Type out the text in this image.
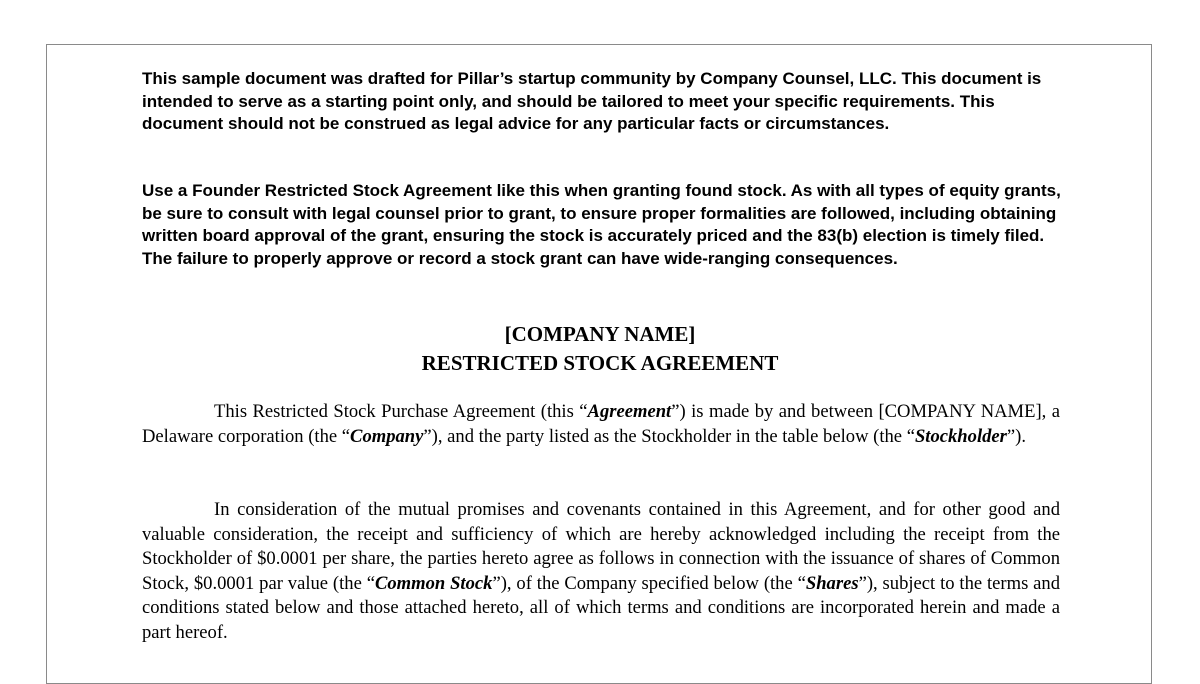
This sample document was drafted for Pillar’s startup community by Company Counsel, LLC. This document is intended to serve as a starting point only, and should be tailored to meet your specific requirements. This document should not be construed as legal advice for any particular facts or circumstances.

Use a Founder Restricted Stock Agreement like this when granting found stock. As with all types of equity grants, be sure to consult with legal counsel prior to grant, to ensure proper formalities are followed, including obtaining written board approval of the grant, ensuring the stock is accurately priced and the 83(b) election is timely filed. The failure to properly approve or record a stock grant can have wide-ranging consequences.

[COMPANY NAME]
RESTRICTED STOCK AGREEMENT

This Restricted Stock Purchase Agreement (this “Agreement”) is made by and between [COMPANY NAME], a Delaware corporation (the “Company”), and the party listed as the Stockholder in the table below (the “Stockholder”).

In consideration of the mutual promises and covenants contained in this Agreement, and for other good and valuable consideration, the receipt and sufficiency of which are hereby acknowledged including the receipt from the Stockholder of $0.0001 per share, the parties hereto agree as follows in connection with the issuance of shares of Common Stock, $0.0001 par value (the “Common Stock”), of the Company specified below (the “Shares”), subject to the terms and conditions stated below and those attached hereto, all of which terms and conditions are incorporated herein and made a part hereof.
